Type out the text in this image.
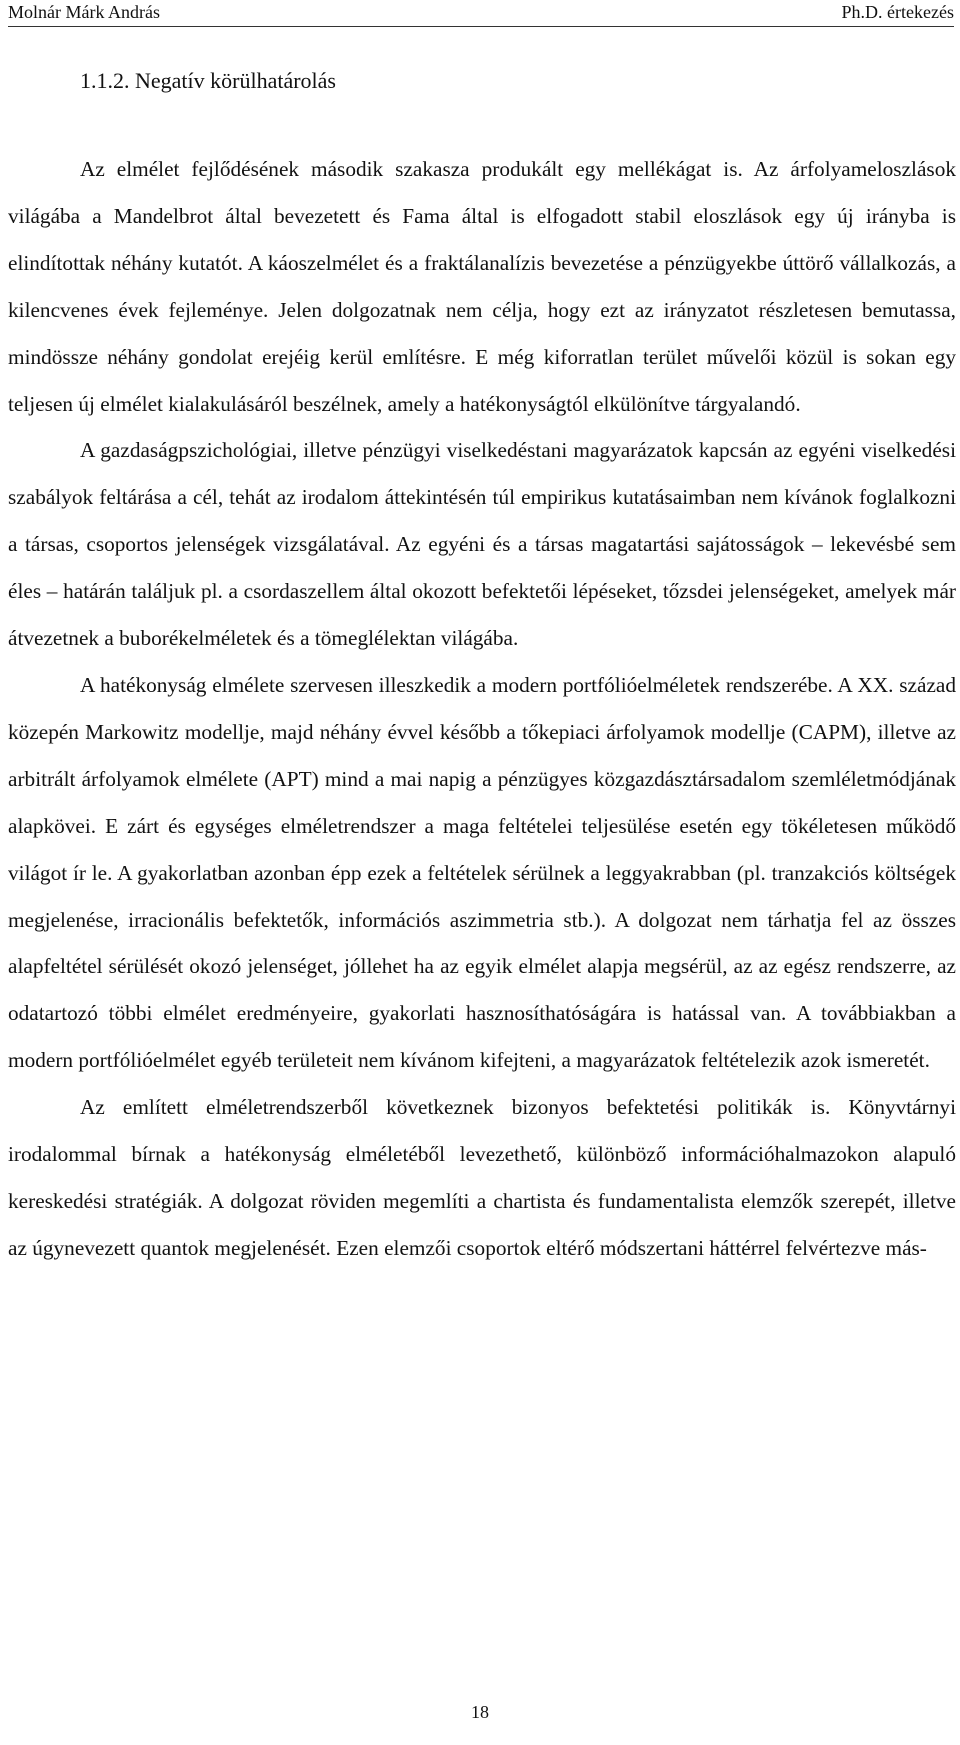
Molnár Márk András	Ph.D. értekezés
1.1.2. Negatív körülhatárolás

Az elmélet fejlődésének második szakasza produkált egy mellékágat is. Az árfolyameloszlások világába a Mandelbrot által bevezetett és Fama által is elfogadott stabil eloszlások egy új irányba is elindítottak néhány kutatót. A káoszelmélet és a fraktálanalízis bevezetése a pénzügyekbe úttörő vállalkozás, a kilencvenes évek fejleménye. Jelen dolgozatnak nem célja, hogy ezt az irányzatot részletesen bemutassa, mindössze néhány gondolat erejéig kerül említésre. E még kiforratlan terület művelői közül is sokan egy teljesen új elmélet kialakulásáról beszélnek, amely a hatékonyságtól elkülönítve tárgyalandó.

A gazdaságpszichológiai, illetve pénzügyi viselkedéstani magyarázatok kapcsán az egyéni viselkedési szabályok feltárása a cél, tehát az irodalom áttekintésén túl empirikus kutatásaimban nem kívánok foglalkozni a társas, csoportos jelenségek vizsgálatával. Az egyéni és a társas magatartási sajátosságok – lekevésbé sem éles – határán találjuk pl. a csordaszellem által okozott befektetői lépéseket, tőzsdei jelenségeket, amelyek már átvezetnek a buborékelméletek és a tömeglélektan világába.

A hatékonyság elmélete szervesen illeszkedik a modern portfólióelméletek rendszerébe. A XX. század közepén Markowitz modellje, majd néhány évvel később a tőkepiaci árfolyamok modellje (CAPM), illetve az arbitrált árfolyamok elmélete (APT) mind a mai napig a pénzügyes közgazdásztársadalom szemléletmódjának alapkövei. E zárt és egységes elméletrendszer a maga feltételei teljesülése esetén egy tökéletesen működő világot ír le. A gyakorlatban azonban épp ezek a feltételek sérülnek a leggyakrabban (pl. tranzakciós költségek megjelenése, irracionális befektetők, információs aszimmetria stb.). A dolgozat nem tárhatja fel az összes alapfeltétel sérülését okozó jelenséget, jóllehet ha az egyik elmélet alapja megsérül, az az egész rendszerre, az odatartozó többi elmélet eredményeire, gyakorlati hasznosíthatóságára is hatással van. A továbbiakban a modern portfólióelmélet egyéb területeit nem kívánom kifejteni, a magyarázatok feltételezik azok ismeretét.

Az említett elméletrendszerből következnek bizonyos befektetési politikák is. Könyvtárnyi irodalommal bírnak a hatékonyság elméletéből levezethető, különböző információhalmazokon alapuló kereskedési stratégiák. A dolgozat röviden megemlíti a chartista és fundamentalista elemzők szerepét, illetve az úgynevezett quantok megjelenését. Ezen elemzői csoportok eltérő módszertani háttérrel felvértezve más-

18
